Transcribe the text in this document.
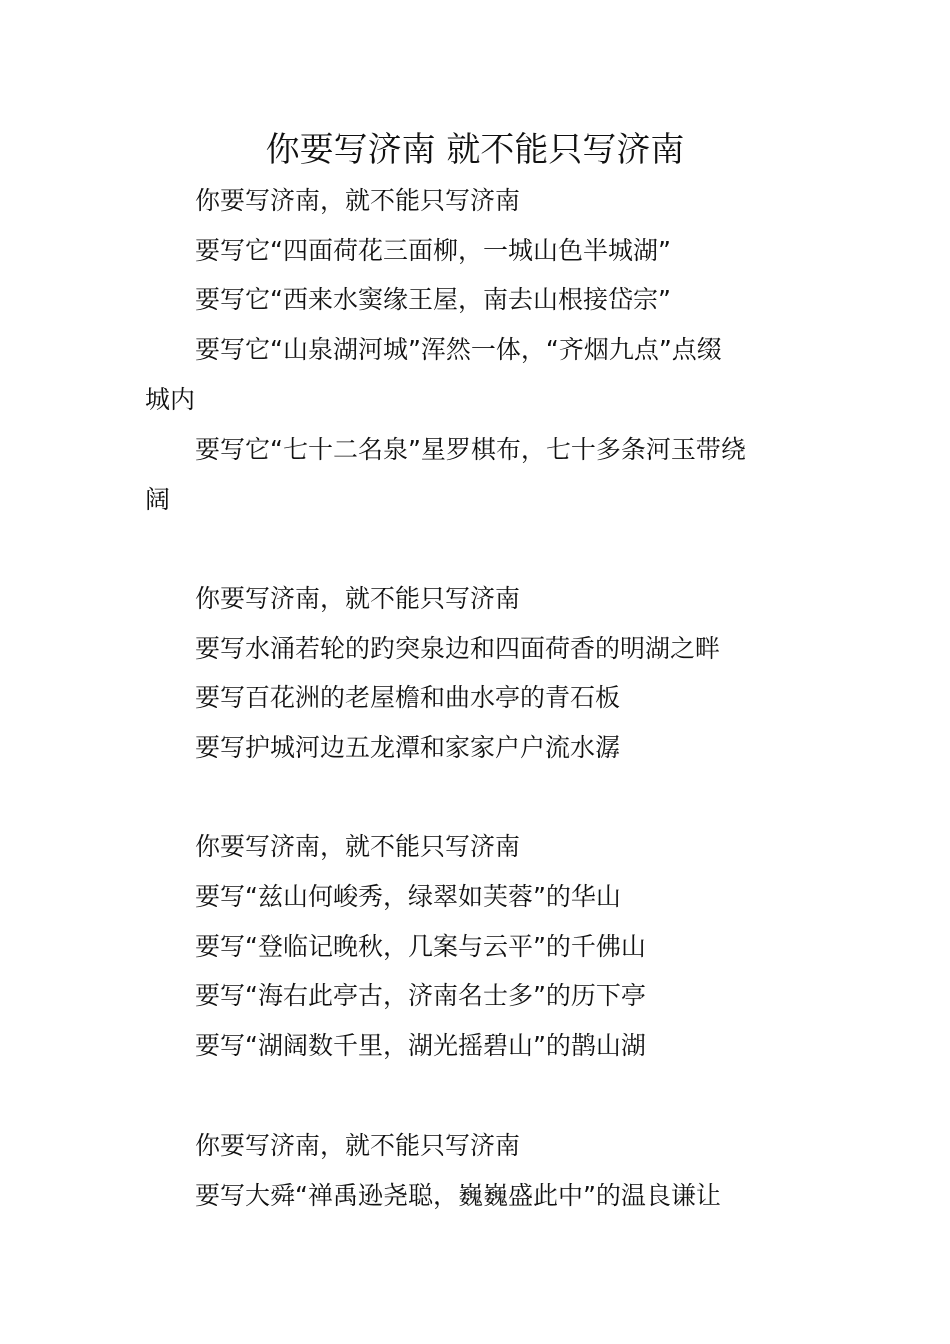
你要写济南 就不能只写济南

你要写济南，就不能只写济南

要写它“四面荷花三面柳，一城山色半城湖”

要写它“西来水窦缘王屋，南去山根接岱宗”

要写它“山泉湖河城”浑然一体，“齐烟九点”点缀

城内

要写它“七十二名泉”星罗棋布，七十多条河玉带绕

阔

你要写济南，就不能只写济南

要写水涌若轮的趵突泉边和四面荷香的明湖之畔

要写百花洲的老屋檐和曲水亭的青石板

要写护城河边五龙潭和家家户户流水潺

你要写济南，就不能只写济南

要写“兹山何峻秀，绿翠如芙蓉”的华山

要写“登临记晚秋，几案与云平”的千佛山

要写“海右此亭古，济南名士多”的历下亭

要写“湖阔数千里，湖光摇碧山”的鹊山湖

你要写济南，就不能只写济南

要写大舜“禅禹逊尧聪，巍巍盛此中”的温良谦让
